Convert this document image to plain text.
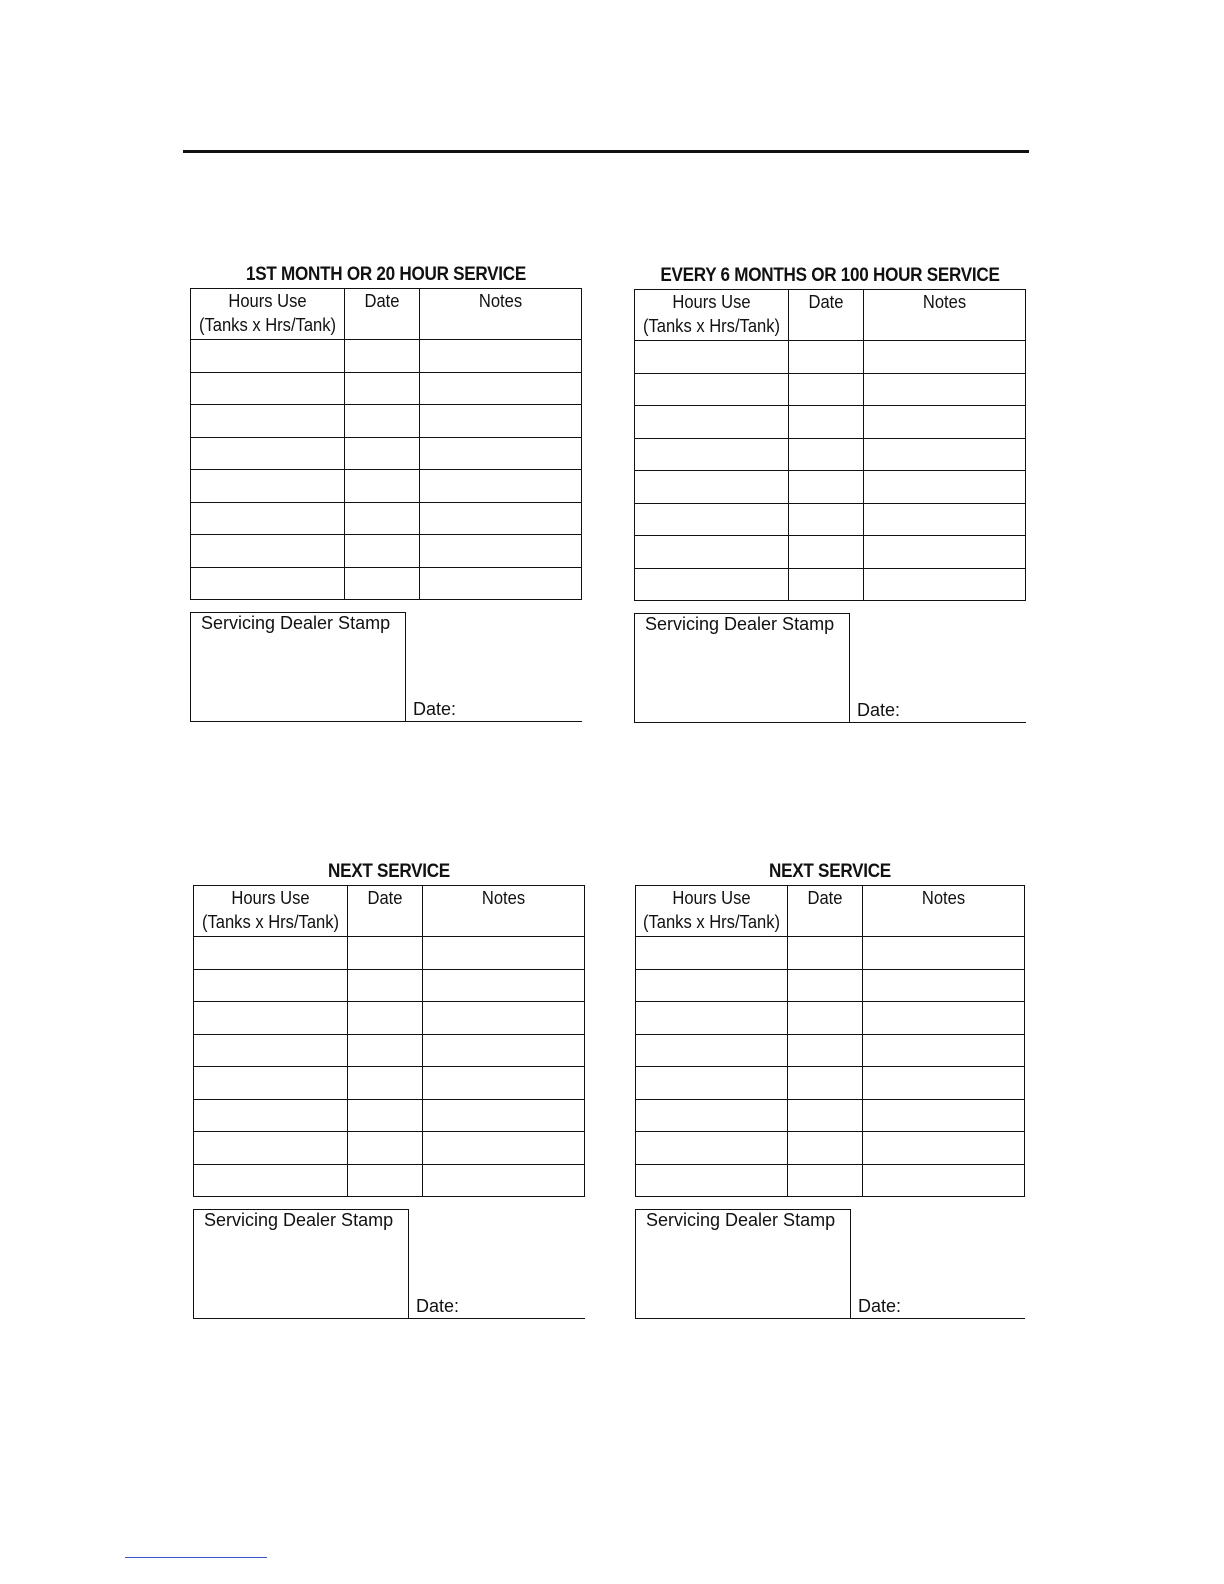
1ST MONTH OR 20 HOUR SERVICE
Hours Use
(Tanks x Hrs/Tank)	Date	Notes

Servicing Dealer Stamp
Date:
EVERY 6 MONTHS OR 100 HOUR SERVICE
Hours Use
(Tanks x Hrs/Tank)	Date	Notes

Servicing Dealer Stamp
Date:
NEXT SERVICE
Hours Use
(Tanks x Hrs/Tank)	Date	Notes

Servicing Dealer Stamp
Date:
NEXT SERVICE
Hours Use
(Tanks x Hrs/Tank)	Date	Notes

Servicing Dealer Stamp
Date:
